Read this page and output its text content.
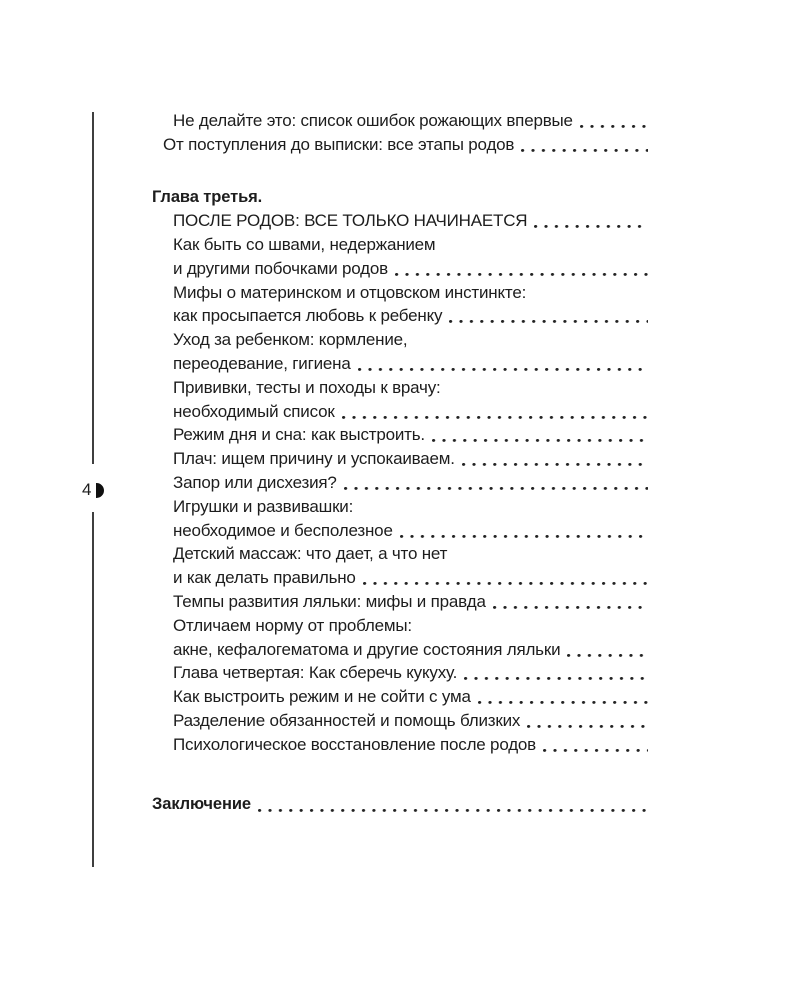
4
Не делайте это: список ошибок рожающих впервые
От поступления до выписки: все этапы родов
Глава третья.
ПОСЛЕ РОДОВ: ВСЕ ТОЛЬКО НАЧИНАЕТСЯ
Как быть со швами, недержанием
и другими побочками родов
Мифы о материнском и отцовском инстинкте:
как просыпается любовь к ребенку
Уход за ребенком: кормление,
переодевание, гигиена
Прививки, тесты и походы к врачу:
необходимый список
Режим дня и сна: как выстроить.
Плач: ищем причину и успокаиваем.
Запор или дисхезия?
Игрушки и развивашки:
необходимое и бесполезное
Детский массаж: что дает, а что нет
и как делать правильно
Темпы развития ляльки: мифы и правда
Отличаем норму от проблемы:
акне, кефалогематома и другие состояния ляльки
Глава четвертая: Как сберечь кукуху.
Как выстроить режим и не сойти с ума
Разделение обязанностей и помощь близких
Психологическое восстановление после родов
Заключение
